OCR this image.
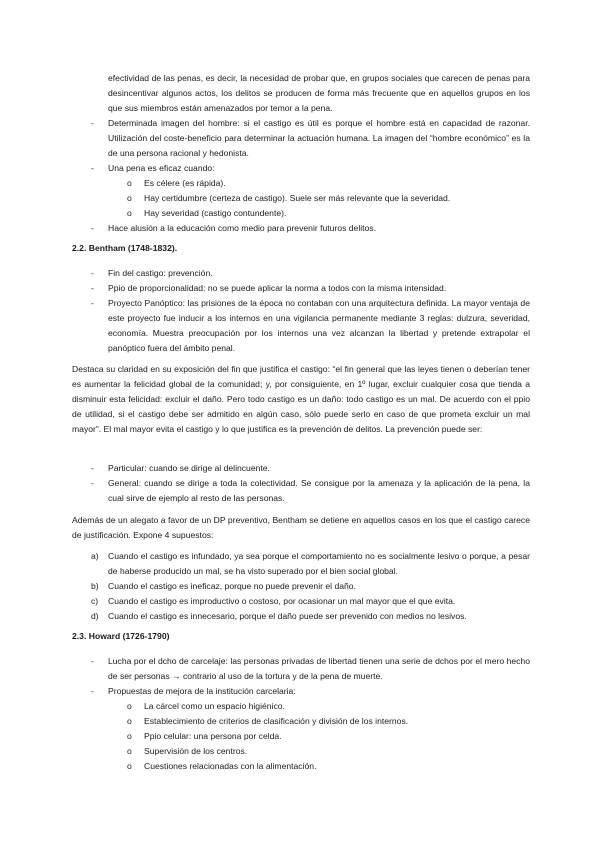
efectividad de las penas, es decir, la necesidad de probar que, en grupos sociales que carecen de penas para desincentivar algunos actos, los delitos se producen de forma más frecuente que en aquellos grupos en los que sus miembros están amenazados por temor a la pena.
- Determinada imagen del hombre: si el castigo es útil es porque el hombre está en capacidad de razonar. Utilización del coste-beneficio para determinar la actuación humana. La imagen del “hombre económico” es la de una persona racional y hedonista.
- Una pena es eficaz cuando:
o Es célere (es rápida).
o Hay certidumbre (certeza de castigo). Suele ser más relevante que la severidad.
o Hay severidad (castigo contundente).
- Hace alusión a la educación como medio para prevenir futuros delitos.
2.2. Bentham (1748-1832).
- Fin del castigo: prevención.
- Ppio de proporcionalidad: no se puede aplicar la norma a todos con la misma intensidad.
- Proyecto Panóptico: las prisiones de la época no contaban con una arquitectura definida. La mayor ventaja de este proyecto fue inducir a los internos en una vigilancia permanente mediante 3 reglas: dulzura, severidad, economía. Muestra preocupación por los internos una vez alcanzan la libertad y pretende extrapolar el panóptico fuera del ámbito penal.
Destaca su claridad en su exposición del fin que justifica el castigo: “el fin general que las leyes tienen o deberían tener es aumentar la felicidad global de la comunidad; y, por consiguiente, en 1º lugar, excluir cualquier cosa que tienda a disminuir esta felicidad: excluir el daño. Pero todo castigo es un daño: todo castigo es un mal. De acuerdo con el ppio de utilidad, si el castigo debe ser admitido en algún caso, sólo puede serlo en caso de que prometa excluir un mal mayor”. El mal mayor evita el castigo y lo que justifica es la prevención de delitos. La prevención puede ser:
- Particular: cuando se dirige al delincuente.
- General: cuando se dirige a toda la colectividad. Se consigue por la amenaza y la aplicación de la pena, la cual sirve de ejemplo al resto de las personas.
Además de un alegato a favor de un DP preventivo, Bentham se detiene en aquellos casos en los que el castigo carece de justificación. Expone 4 supuestos:
a) Cuando el castigo es infundado, ya sea porque el comportamiento no es socialmente lesivo o porque, a pesar de haberse producido un mal, se ha visto superado por el bien social global.
b) Cuando el castigo es ineficaz, porque no puede prevenir el daño.
c) Cuando el castigo es improductivo o costoso, por ocasionar un mal mayor que el que evita.
d) Cuando el castigo es innecesario, porque el daño puede ser prevenido con medios no lesivos.
2.3. Howard (1726-1790)
- Lucha por el dcho de carcelaje: las personas privadas de libertad tienen una serie de dchos por el mero hecho de ser personas → contrario al uso de la tortura y de la pena de muerte.
- Propuestas de mejora de la institución carcelaria:
o La cárcel como un espacio higiénico.
o Establecimiento de criterios de clasificación y división de los internos.
o Ppio celular: una persona por celda.
o Supervisión de los centros.
o Cuestiones relacionadas con la alimentación.
